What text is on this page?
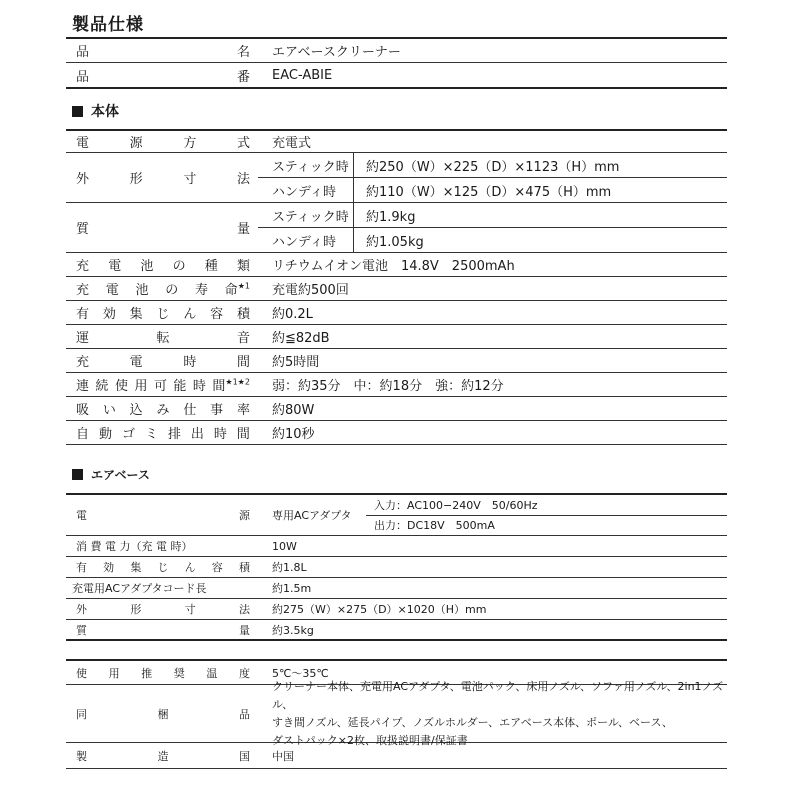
製品仕様
品	名	エアベースクリーナー
品	番	EAC-ABIE
本体
電	源	方	式	充電式
外	形	寸	法
スティック時	約250（W）×225（D）×1123（H）mm
ハンディ時	約110（W）×125（D）×475（H）mm
質	量
スティック時	約1.9kg
ハンディ時	約1.05kg
充 電 池 の 種 類	リチウムイオン電池　14.8V　2500mAh
充 電 池 の 寿 命$^{★1}$	充電約500回
有 効 集 じ ん 容 積	約0.2L
運	転	音	約≦82dB
充	電	時	間	約5時間
連 続 使 用 可 能 時 間$^{★1★2}$	弱：約35分　中：約18分　強：約12分
吸 い 込 み 仕 事 率	約80W
自 動 ゴ ミ 排 出 時 間	約10秒
エアベース
電	源	専用ACアダプタ
入力：AC100−240V　50/60Hz
出力：DC18V　500mA
消 費 電 力（充 電 時）	10W
有 効 集 じ ん 容 積	約1.8L
充電用ACアダプタコード長	約1.5m
外	形	寸	法	約275（W）×275（D）×1020（H）mm
質	量	約3.5kg
使 用 推 奨 温 度	5℃〜35℃
同	梱	品
クリーナー本体、充電用ACアダプタ、電池パック、床用ノズル、ソファ用ノズル、2in1ノズル、
すき間ノズル、延長パイプ、ノズルホルダー、エアベース本体、ポール、ベース、
ダストパック×2枚、取扱説明書/保証書
製	造	国	中国
